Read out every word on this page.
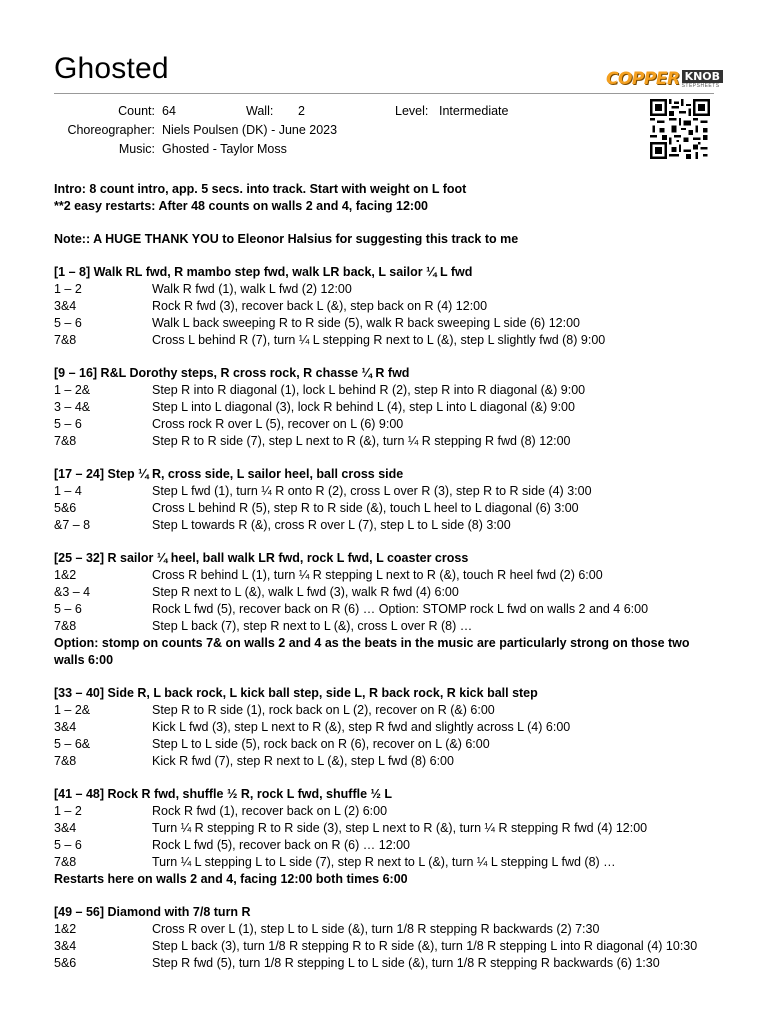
Ghosted	COPPER KNOB
STEPSHEETS
Count: 64	Wall: 2	Level: Intermediate
Choreographer: Niels Poulsen (DK) - June 2023
Music: Ghosted - Taylor Moss
Intro: 8 count intro, app. 5 secs. into track. Start with weight on L foot
**2 easy restarts: After 48 counts on walls 2 and 4, facing 12:00
Note:: A HUGE THANK YOU to Eleonor Halsius for suggesting this track to me
[1 – 8] Walk RL fwd, R mambo step fwd, walk LR back, L sailor ¼ L fwd
1 – 2	Walk R fwd (1), walk L fwd (2) 12:00
3&4	Rock R fwd (3), recover back L (&), step back on R (4) 12:00
5 – 6	Walk L back sweeping R to R side (5), walk R back sweeping L side (6) 12:00
7&8	Cross L behind R (7), turn ¼ L stepping R next to L (&), step L slightly fwd (8) 9:00
[9 – 16] R&L Dorothy steps, R cross rock, R chasse ¼ R fwd
1 – 2&	Step R into R diagonal (1), lock L behind R (2), step R into R diagonal (&) 9:00
3 – 4&	Step L into L diagonal (3), lock R behind L (4), step L into L diagonal (&) 9:00
5 – 6	Cross rock R over L (5), recover on L (6) 9:00
7&8	Step R to R side (7), step L next to R (&), turn ¼ R stepping R fwd (8) 12:00
[17 – 24] Step ¼ R, cross side, L sailor heel, ball cross side
1 – 4	Step L fwd (1), turn ¼ R onto R (2), cross L over R (3), step R to R side (4) 3:00
5&6	Cross L behind R (5), step R to R side (&), touch L heel to L diagonal (6) 3:00
&7 – 8	Step L towards R (&), cross R over L (7), step L to L side (8) 3:00
[25 – 32] R sailor ¼ heel, ball walk LR fwd, rock L fwd, L coaster cross
1&2	Cross R behind L (1), turn ¼ R stepping L next to R (&), touch R heel fwd (2) 6:00
&3 – 4	Step R next to L (&), walk L fwd (3), walk R fwd (4) 6:00
5 – 6	Rock L fwd (5), recover back on R (6) … Option: STOMP rock L fwd on walls 2 and 4 6:00
7&8	Step L back (7), step R next to L (&), cross L over R (8) …
Option: stomp on counts 7& on walls 2 and 4 as the beats in the music are particularly strong on those two walls 6:00
[33 – 40] Side R, L back rock, L kick ball step, side L, R back rock, R kick ball step
1 – 2&	Step R to R side (1), rock back on L (2), recover on R (&) 6:00
3&4	Kick L fwd (3), step L next to R (&), step R fwd and slightly across L (4) 6:00
5 – 6&	Step L to L side (5), rock back on R (6), recover on L (&) 6:00
7&8	Kick R fwd (7), step R next to L (&), step L fwd (8) 6:00
[41 – 48] Rock R fwd, shuffle ½ R, rock L fwd, shuffle ½ L
1 – 2	Rock R fwd (1), recover back on L (2) 6:00
3&4	Turn ¼ R stepping R to R side (3), step L next to R (&), turn ¼ R stepping R fwd (4) 12:00
5 – 6	Rock L fwd (5), recover back on R (6) … 12:00
7&8	Turn ¼ L stepping L to L side (7), step R next to L (&), turn ¼ L stepping L fwd (8) …
Restarts here on walls 2 and 4, facing 12:00 both times 6:00
[49 – 56] Diamond with 7/8 turn R
1&2	Cross R over L (1), step L to L side (&), turn 1/8 R stepping R backwards (2) 7:30
3&4	Step L back (3), turn 1/8 R stepping R to R side (&), turn 1/8 R stepping L into R diagonal (4) 10:30
5&6	Step R fwd (5), turn 1/8 R stepping L to L side (&), turn 1/8 R stepping R backwards (6) 1:30
